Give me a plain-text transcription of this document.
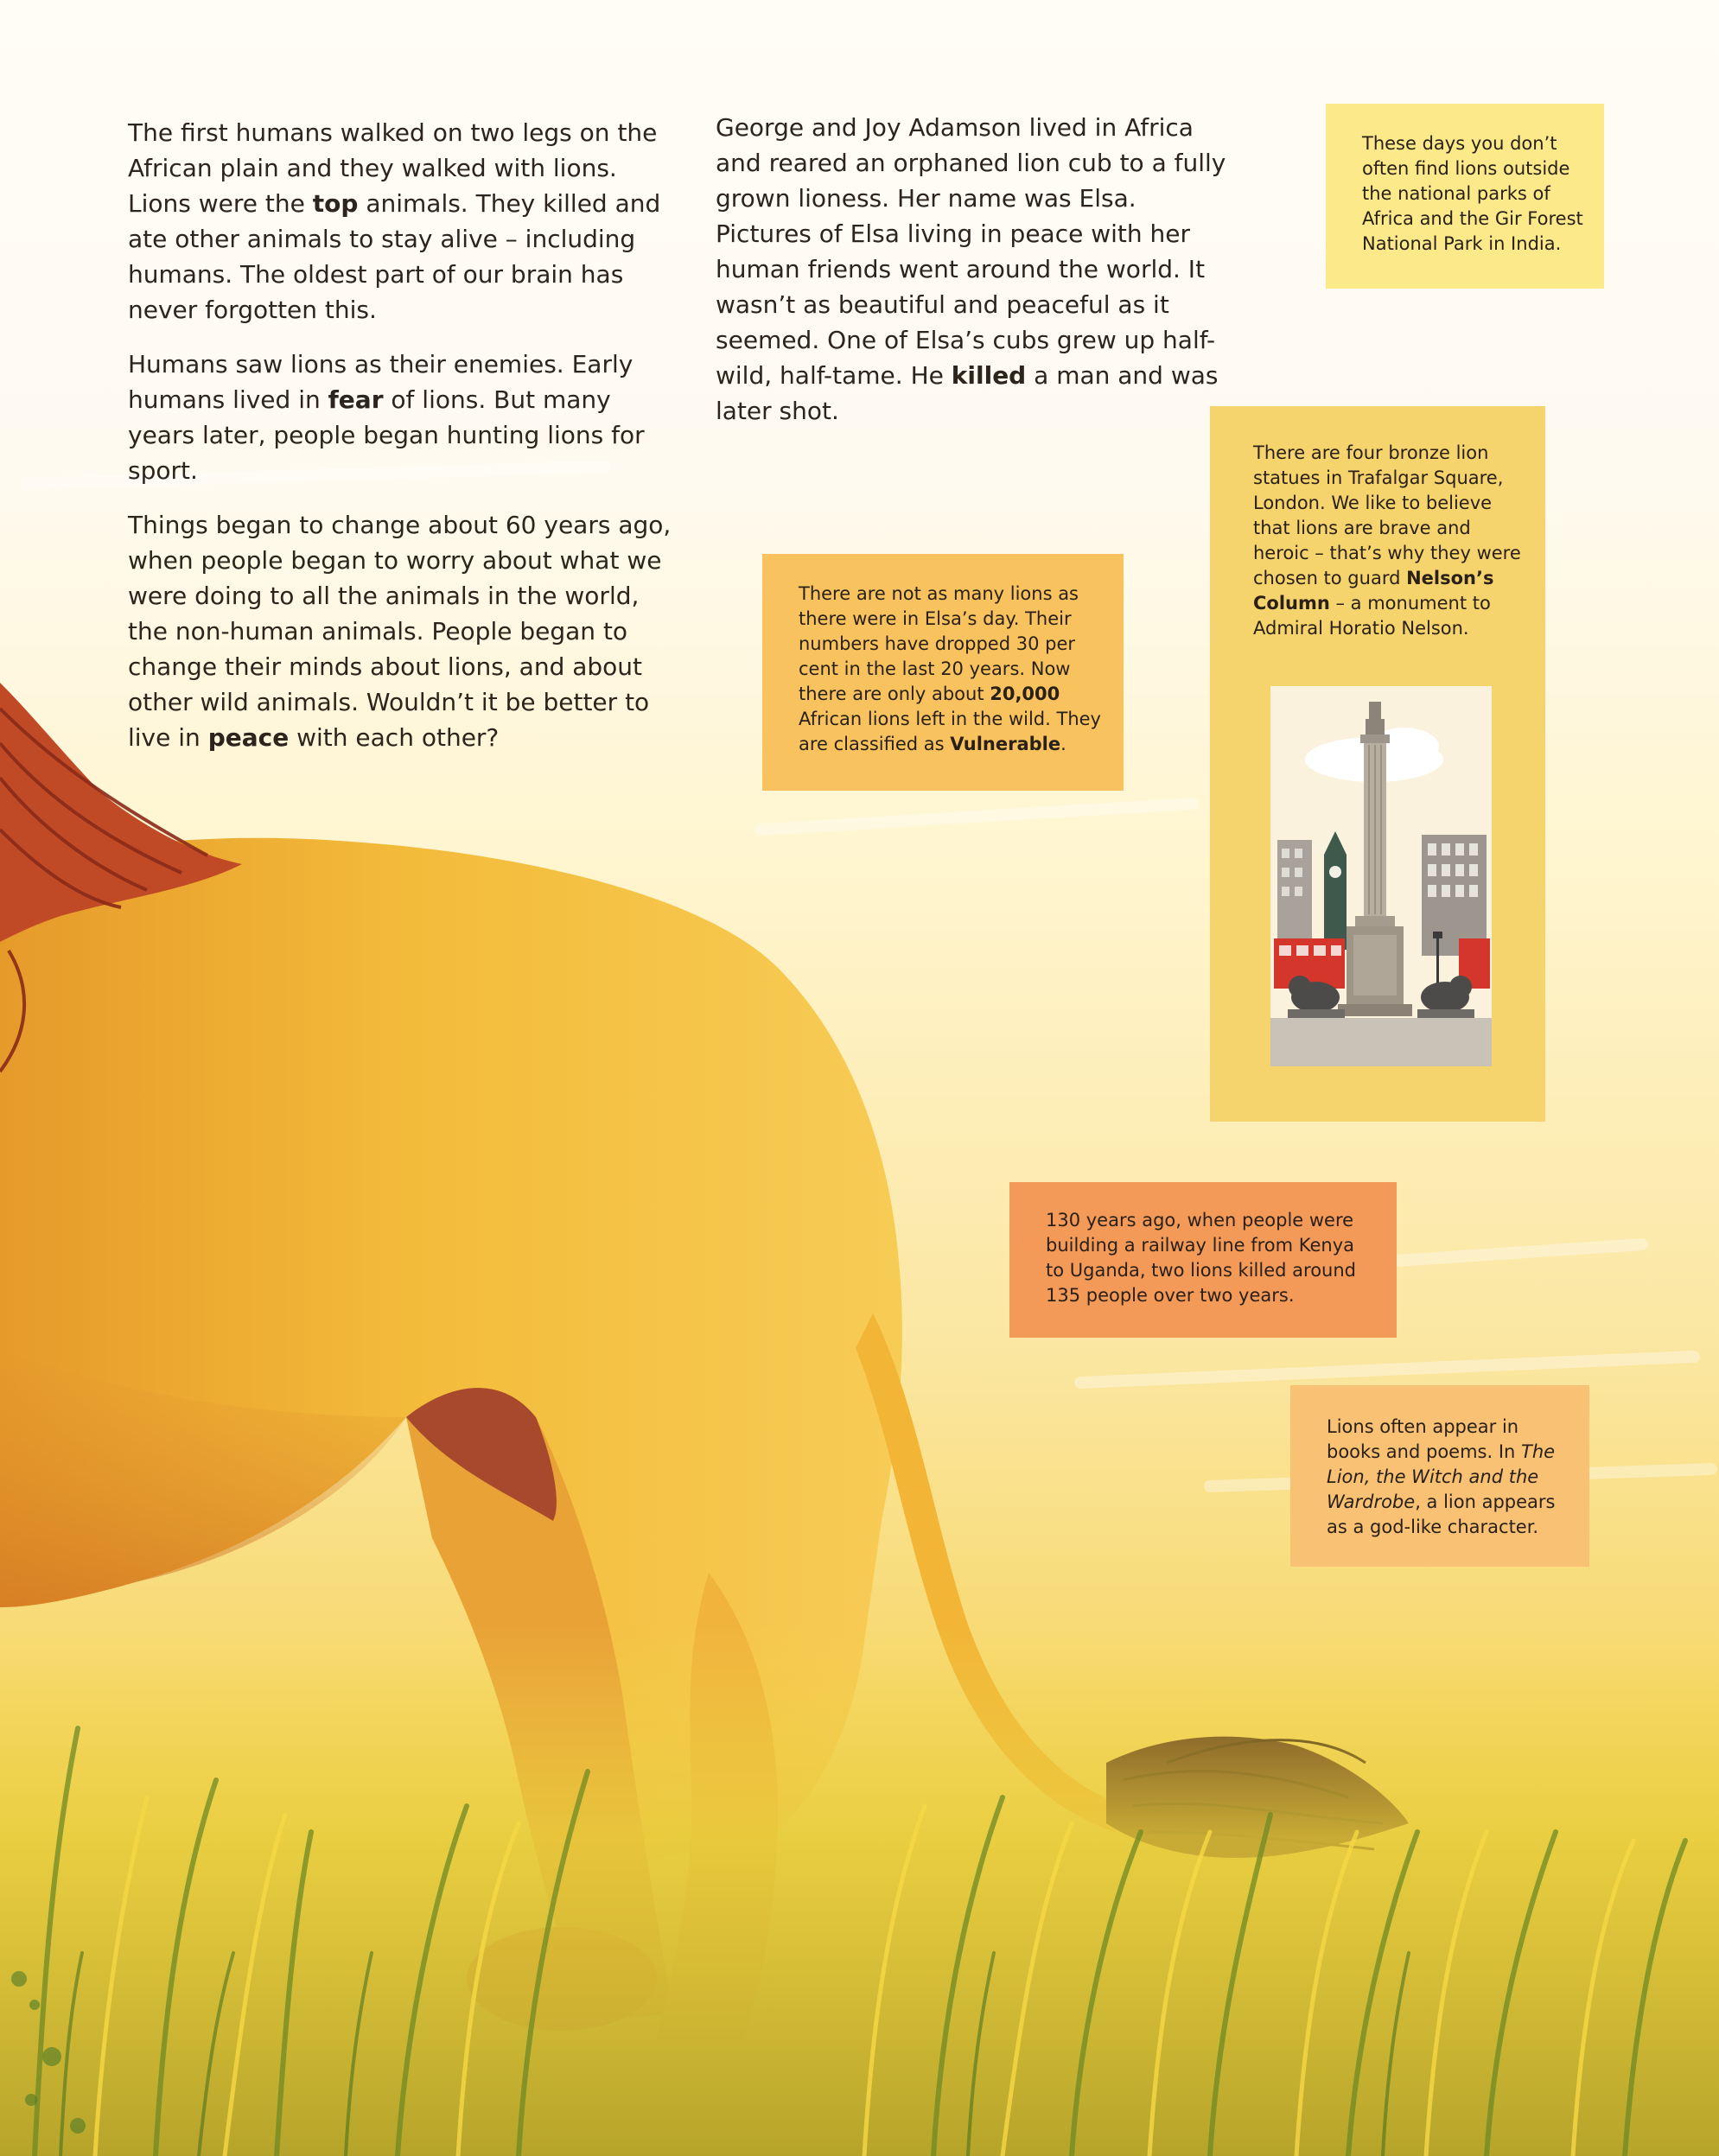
The first humans walked on two legs on the African plain and they walked with lions. Lions were the top animals. They killed and ate other animals to stay alive – including humans. The oldest part of our brain has never forgotten this.

Humans saw lions as their enemies. Early humans lived in fear of lions. But many years later, people began hunting lions for sport.

Things began to change about 60 years ago, when people began to worry about what we were doing to all the animals in the world, the non-human animals. People began to change their minds about lions, and about other wild animals. Wouldn’t it be better to live in peace with each other?

George and Joy Adamson lived in Africa and reared an orphaned lion cub to a fully grown lioness. Her name was Elsa. Pictures of Elsa living in peace with her human friends went around the world. It wasn’t as beautiful and peaceful as it seemed. One of Elsa’s cubs grew up half-wild, half-tame. He killed a man and was later shot.

These days you don’t often find lions outside the national parks of Africa and the Gir Forest National Park in India.
There are not as many lions as there were in Elsa’s day. Their numbers have dropped 30 per cent in the last 20 years. Now there are only about 20,000 African lions left in the wild. They are classified as Vulnerable.
There are four bronze lion statues in Trafalgar Square, London. We like to believe that lions are brave and heroic – that’s why they were chosen to guard Nelson’s Column – a monument to Admiral Horatio Nelson.
130 years ago, when people were building a railway line from Kenya to Uganda, two lions killed around 135 people over two years.
Lions often appear in books and poems. In The Lion, the Witch and the Wardrobe, a lion appears as a god-like character.
